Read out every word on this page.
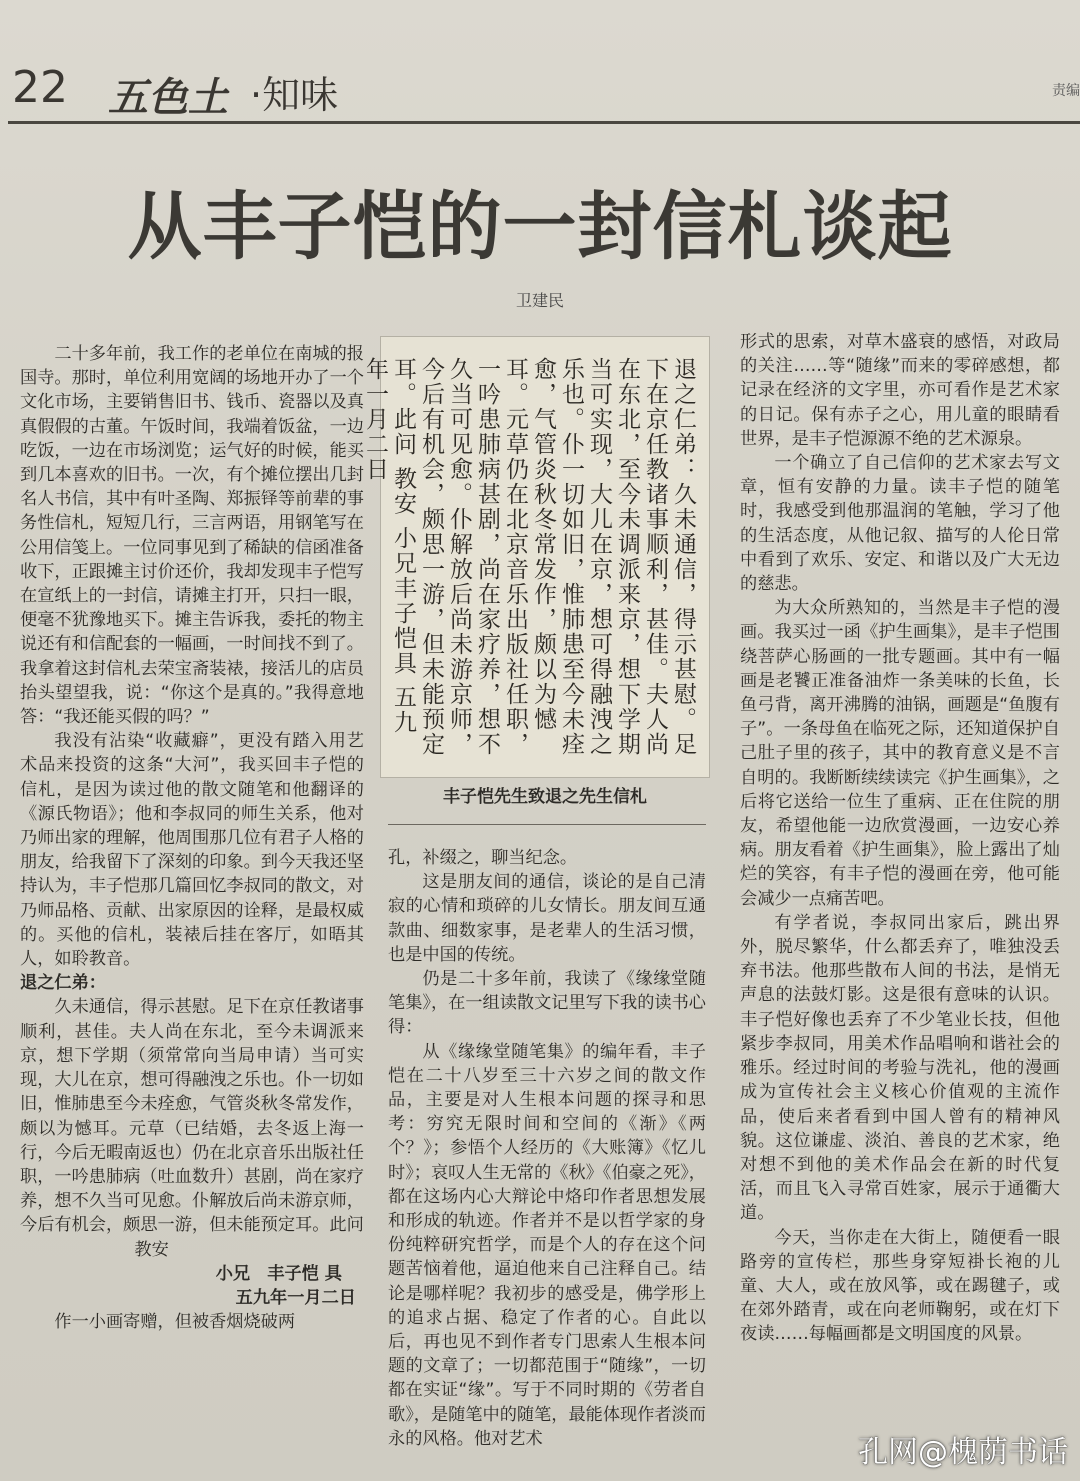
22 五色土 ·知味	责编
从丰子恺的一封信札谈起
卫建民

二十多年前，我工作的老单位在南城的报国寺。那时，单位利用宽阔的场地开办了一个文化市场，主要销售旧书、钱币、瓷器以及真真假假的古董。午饭时间，我端着饭盆，一边吃饭，一边在市场浏览；运气好的时候，能买到几本喜欢的旧书。一次，有个摊位摆出几封名人书信，其中有叶圣陶、郑振铎等前辈的事务性信札，短短几行，三言两语，用钢笔写在公用信笺上。一位同事见到了稀缺的信函准备收下，正跟摊主讨价还价，我却发现丰子恺写在宣纸上的一封信，请摊主打开，只扫一眼，便毫不犹豫地买下。摊主告诉我，委托的物主说还有和信配套的一幅画，一时间找不到了。我拿着这封信札去荣宝斋装裱，接活儿的店员抬头望望我，说：“你这个是真的。”我得意地答：“我还能买假的吗？”

我没有沾染“收藏癖”，更没有踏入用艺术品来投资的这条“大河”，我买回丰子恺的信札，是因为读过他的散文随笔和他翻译的《源氏物语》；他和李叔同的师生关系，他对乃师出家的理解，他周围那几位有君子人格的朋友，给我留下了深刻的印象。到今天我还坚持认为，丰子恺那几篇回忆李叔同的散文，对乃师品格、贡献、出家原因的诠释，是最权威的。买他的信札，装裱后挂在客厅，如晤其人，如聆教音。

退之仁弟：

久未通信，得示甚慰。足下在京任教诸事顺利，甚佳。夫人尚在东北，至今未调派来京，想下学期（须常常向当局申请）当可实现，大儿在京，想可得融洩之乐也。仆一切如旧，惟肺患至今未痊愈，气管炎秋冬常发作，颇以为憾耳。元草（已结婚，去冬返上海一行，今后无暇南返也）仍在北京音乐出版社任职，一吟患肺病（吐血数升）甚剧，尚在家疗养，想不久当可见愈。仆解放后尚未游京师，今后有机会，颇思一游，但未能预定耳。此问

教安

小兄　丰子恺 具

五九年一月二日

作一小画寄赠，但被香烟烧破两

退之仁弟：久未通信，得示甚慰。足下在京任教诸事顺利，甚佳。夫人尚在东北，至今未调派来京，想下学期当可实现，大儿在京，想可得融洩之乐也。仆一切如旧，惟肺患至今未痊愈，气管炎秋冬常发作，颇以为憾耳。元草仍在北京音乐出版社任职，一吟患肺病甚剧，尚在家疗养，想不久当可见愈。仆解放后尚未游京师，今后有机会，颇思一游，但未能预定耳。此问 教安 小兄丰子恺具 五九年一月二日
丰子恺先生致退之先生信札

孔，补缀之，聊当纪念。

这是朋友间的通信，谈论的是自己清寂的心情和琐碎的儿女情长。朋友间互通款曲、细数家事，是老辈人的生活习惯，也是中国的传统。

仍是二十多年前，我读了《缘缘堂随笔集》，在一组读散文记里写下我的读书心得：

从《缘缘堂随笔集》的编年看，丰子恺在二十八岁至三十六岁之间的散文作品，主要是对人生根本问题的探寻和思考：穷究无限时间和空间的《渐》《两个？》；参悟个人经历的《大账簿》《忆儿时》；哀叹人生无常的《秋》《伯豪之死》，都在这场内心大辩论中烙印作者思想发展和形成的轨迹。作者并不是以哲学家的身份纯粹研究哲学，而是个人的存在这个问题苦恼着他，逼迫他来自己注释自己。结论是哪样呢？我初步的感受是，佛学形上的追求占据、稳定了作者的心。自此以后，再也见不到作者专门思索人生根本问题的文章了；一切都范围于“随缘”，一切都在实证“缘”。写于不同时期的《劳者自歌》，是随笔中的随笔，最能体现作者淡而永的风格。他对艺术

形式的思索，对草木盛衰的感悟，对政局的关注……等“随缘”而来的零碎感想，都记录在经济的文字里，亦可看作是艺术家的日记。保有赤子之心，用儿童的眼睛看世界，是丰子恺源源不绝的艺术源泉。

一个确立了自己信仰的艺术家去写文章，恒有安静的力量。读丰子恺的随笔时，我感受到他那温润的笔触，学习了他的生活态度，从他记叙、描写的人伦日常中看到了欢乐、安定、和谐以及广大无边的慈悲。

为大众所熟知的，当然是丰子恺的漫画。我买过一函《护生画集》，是丰子恺围绕菩萨心肠画的一批专题画。其中有一幅画是老饕正准备油炸一条美味的长鱼，长鱼弓背，离开沸腾的油锅，画题是“鱼腹有子”。一条母鱼在临死之际，还知道保护自己肚子里的孩子，其中的教育意义是不言自明的。我断断续续读完《护生画集》，之后将它送给一位生了重病、正在住院的朋友，希望他能一边欣赏漫画，一边安心养病。朋友看着《护生画集》，脸上露出了灿烂的笑容，有丰子恺的漫画在旁，他可能会减少一点痛苦吧。

有学者说，李叔同出家后，跳出界外，脱尽繁华，什么都丢弃了，唯独没丢弃书法。他那些散布人间的书法，是悄无声息的法鼓灯影。这是很有意味的认识。丰子恺好像也丢弃了不少笔业长技，但他紧步李叔同，用美术作品唱响和谐社会的雅乐。经过时间的考验与洗礼，他的漫画成为宣传社会主义核心价值观的主流作品，使后来者看到中国人曾有的精神风貌。这位谦虚、淡泊、善良的艺术家，绝对想不到他的美术作品会在新的时代复活，而且飞入寻常百姓家，展示于通衢大道。

今天，当你走在大街上，随便看一眼路旁的宣传栏，那些身穿短褂长袍的儿童、大人，或在放风筝，或在踢毽子，或在郊外踏青，或在向老师鞠躬，或在灯下夜读……每幅画都是文明国度的风景。

孔网@槐荫书话
